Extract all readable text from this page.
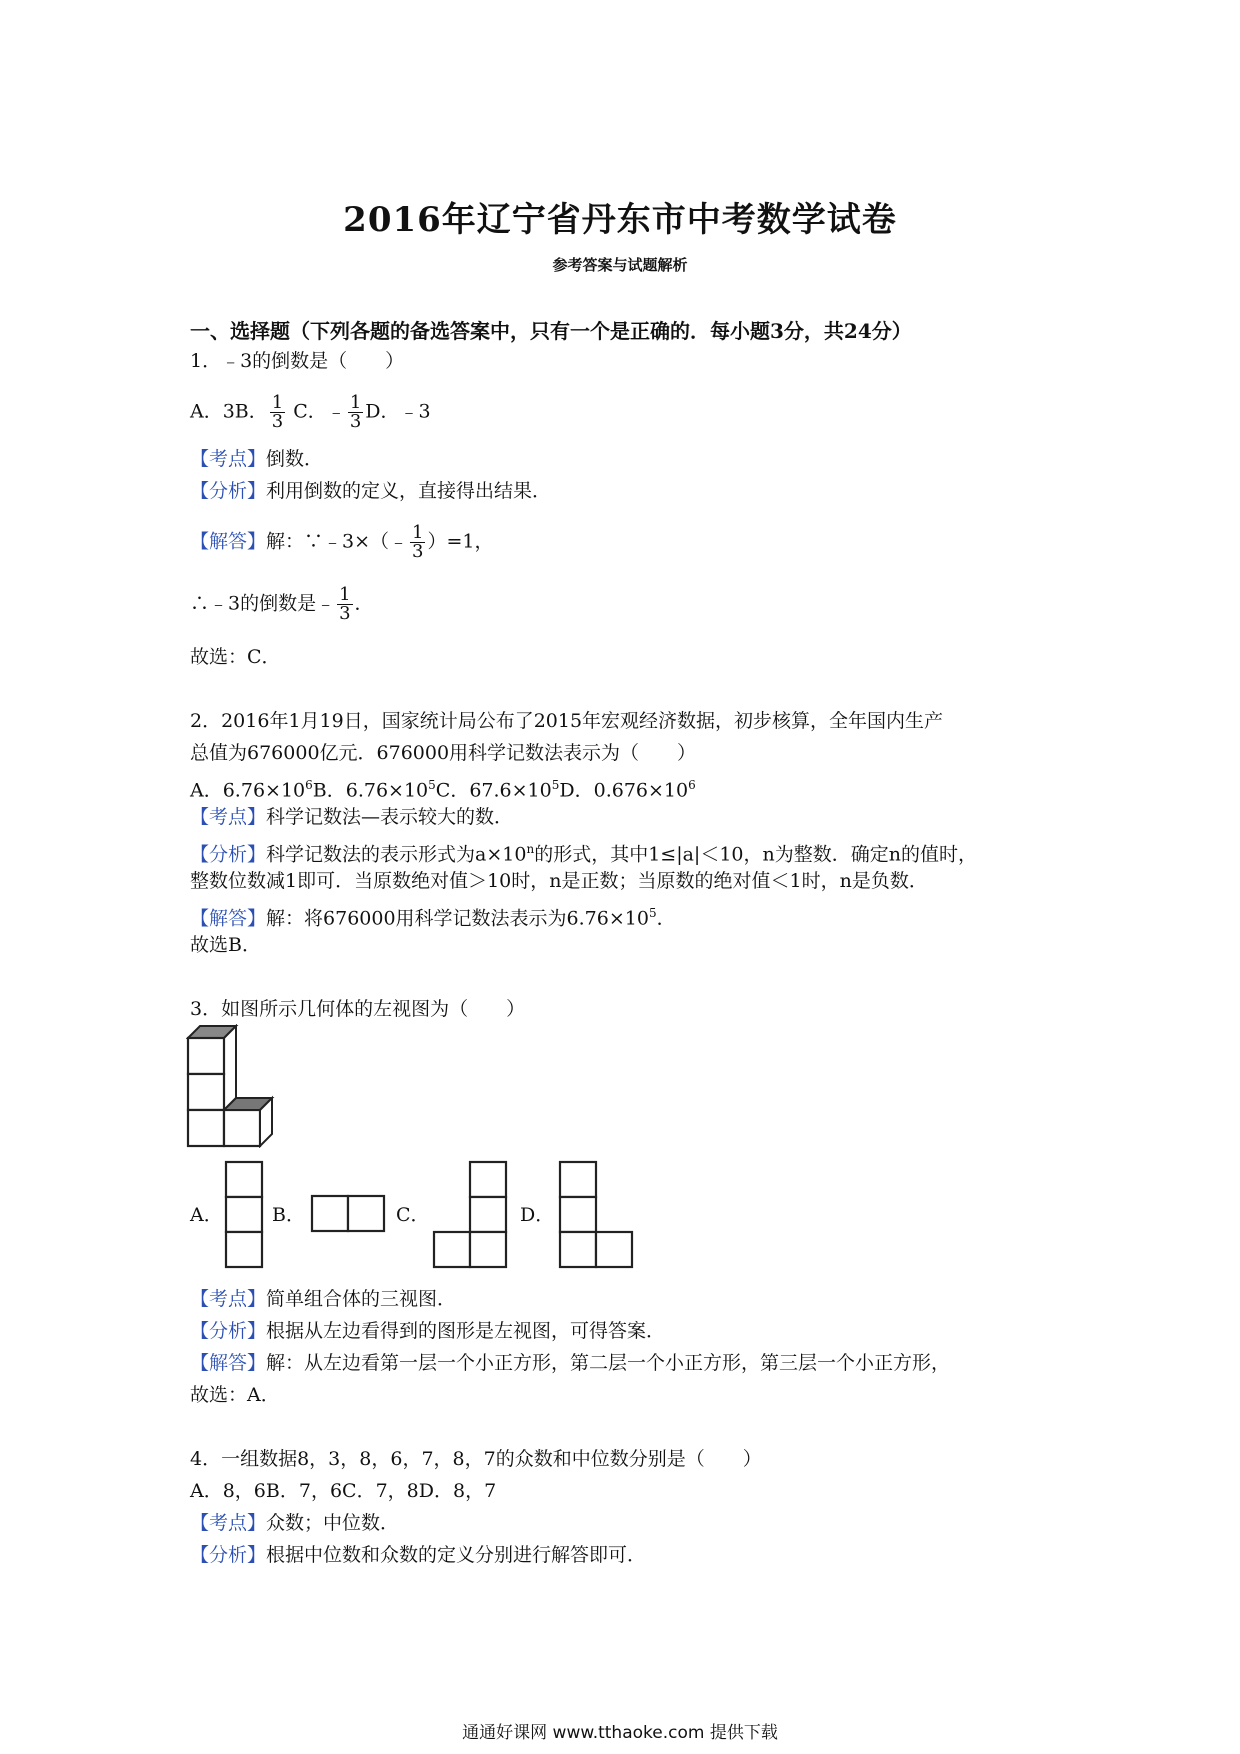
2016年辽宁省丹东市中考数学试卷
参考答案与试题解析
一、选择题（下列各题的备选答案中，只有一个是正确的．每小题3分，共24分）
1．﹣3的倒数是（　　）
A．3B． $\frac{1}{3}$ C．﹣ $\frac{1}{3}$ D．﹣3
【考点】倒数．
【分析】利用倒数的定义，直接得出结果．
【解答】解：∵﹣3×（﹣ $\frac{1}{3} )=1$，
∴﹣3的倒数是﹣ $\frac{1}{3}$ ．
故选：C．
2．2016年1月19日，国家统计局公布了2015年宏观经济数据，初步核算，全年国内生产
总值为676000亿元．676000用科学记数法表示为（　　）
A．$6.76\times 10^6B$．$6.76\times 10^5C$．$67.6\times 10^5D$．$0.676\times 10^6$
【考点】科学记数法—表示较大的数．
【分析】科学记数法的表示形式为$a\times 10^n$的形式，其中1≤|a|＜10，n为整数．确定n的值时，
整数位数减1即可．当原数绝对值＞10时，n是正数；当原数的绝对值＜1时，n是负数．
【解答】解：将676000用科学记数法表示为$6.76\times 10^5$．
故选B．
3．如图所示几何体的左视图为（　　）
A．	B．	C．	D．
【考点】简单组合体的三视图．
【分析】根据从左边看得到的图形是左视图，可得答案．
【解答】解：从左边看第一层一个小正方形，第二层一个小正方形，第三层一个小正方形，
故选：A．
4．一组数据8，3，8，6，7，8，7的众数和中位数分别是（　　）
A．8，6B．7，6C．7，8D．8，7
【考点】众数；中位数．
【分析】根据中位数和众数的定义分别进行解答即可．
通通好课网 www.tthaoke.com 提供下载
